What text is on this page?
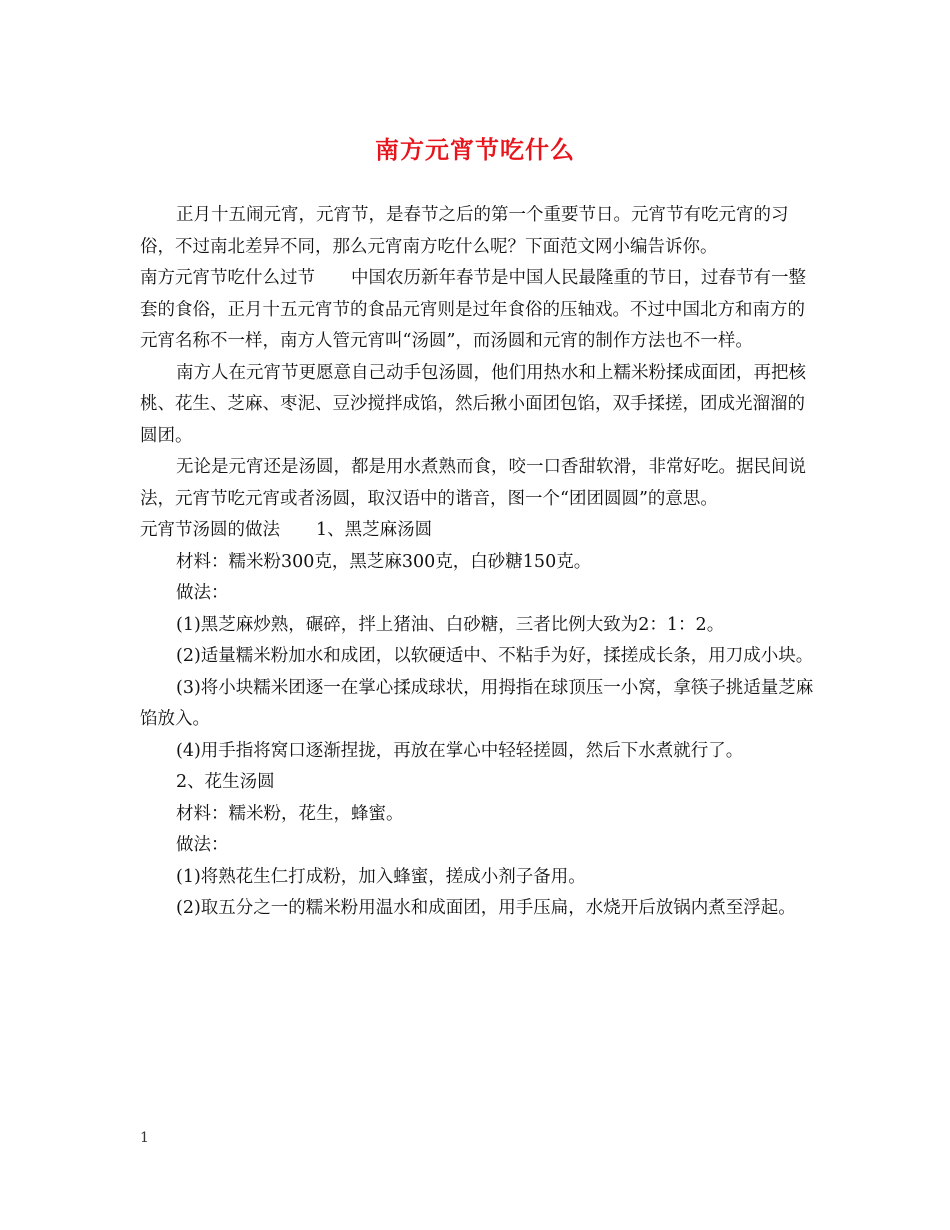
南方元宵节吃什么

正月十五闹元宵，元宵节，是春节之后的第一个重要节日。元宵节有吃元宵的习俗，不过南北差异不同，那么元宵南方吃什么呢？下面范文网小编告诉你。

南方元宵节吃什么过节 中国农历新年春节是中国人民最隆重的节日，过春节有一整套的食俗，正月十五元宵节的食品元宵则是过年食俗的压轴戏。不过中国北方和南方的元宵名称不一样，南方人管元宵叫“汤圆”，而汤圆和元宵的制作方法也不一样。

南方人在元宵节更愿意自己动手包汤圆，他们用热水和上糯米粉揉成面团，再把核桃、花生、芝麻、枣泥、豆沙搅拌成馅，然后揪小面团包馅，双手揉搓，团成光溜溜的圆团。

无论是元宵还是汤圆，都是用水煮熟而食，咬一口香甜软滑，非常好吃。据民间说法，元宵节吃元宵或者汤圆，取汉语中的谐音，图一个“团团圆圆”的意思。

元宵节汤圆的做法 1、黑芝麻汤圆

材料：糯米粉300克，黑芝麻300克，白砂糖150克。

做法：

(1)黑芝麻炒熟，碾碎，拌上猪油、白砂糖，三者比例大致为2：1：2。

(2)适量糯米粉加水和成团，以软硬适中、不粘手为好，揉搓成长条，用刀成小块。

(3)将小块糯米团逐一在掌心揉成球状，用拇指在球顶压一小窝，拿筷子挑适量芝麻馅放入。

(4)用手指将窝口逐渐捏拢，再放在掌心中轻轻搓圆，然后下水煮就行了。

2、花生汤圆

材料：糯米粉，花生，蜂蜜。

做法：

(1)将熟花生仁打成粉，加入蜂蜜，搓成小剂子备用。

(2)取五分之一的糯米粉用温水和成面团，用手压扁，水烧开后放锅内煮至浮起。

1
